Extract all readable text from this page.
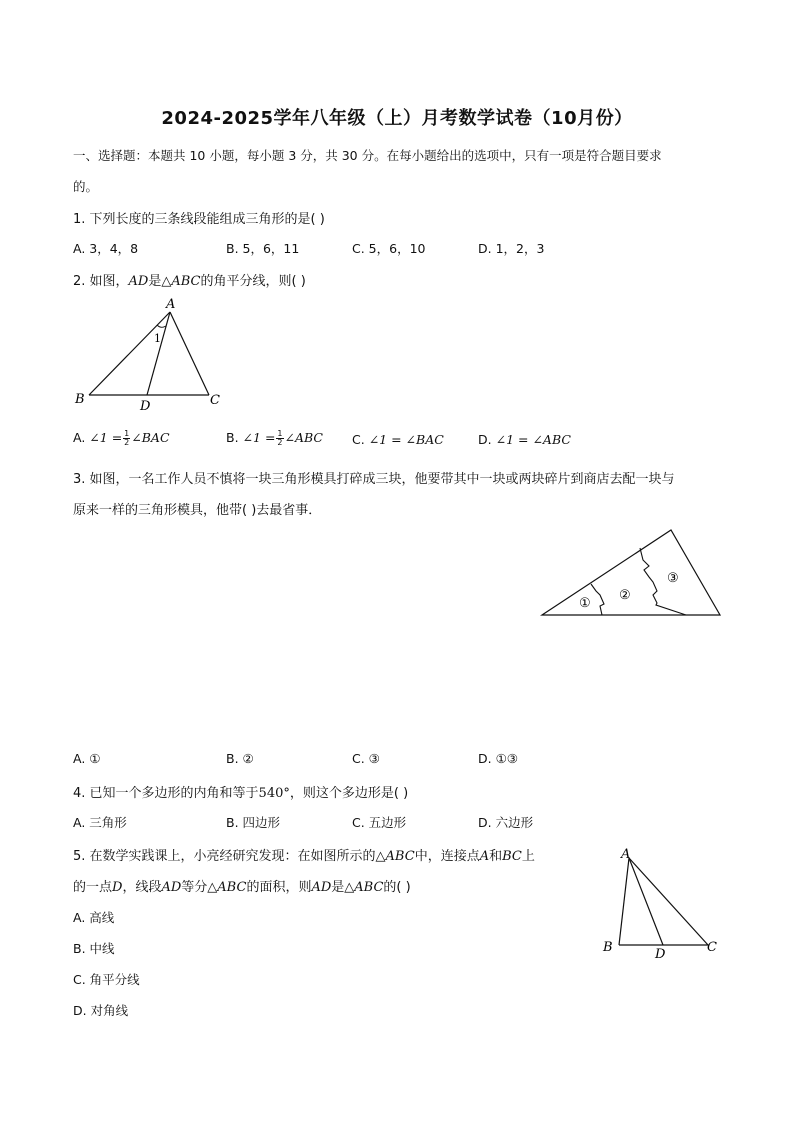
2024-2025学年八年级（上）月考数学试卷（10月份）
一、选择题：本题共 10 小题，每小题 3 分，共 30 分。在每小题给出的选项中，只有一项是符合题目要求
的。
1. 下列长度的三条线段能组成三角形的是( )
A. 3，4，8	B. 5，6，11	C. 5，6，10	D. 1，2，3
2. 如图，AD是△ABC的角平分线，则( )
A
B	C
D
1
A. ∠1 = $\frac{1}{2}$ ∠BAC	B. ∠1 = $\frac{1}{2}$ ∠ABC C. ∠1 = ∠BAC	D. ∠1 = ∠ABC
3. 如图，一名工作人员不慎将一块三角形模具打碎成三块，他要带其中一块或两块碎片到商店去配一块与
原来一样的三角形模具，他带( )去最省事．
①
②
③
A. ①	B. ②	C. ③	D. ①③
4. 已知一个多边形的内角和等于540°，则这个多边形是( )
A. 三角形	B. 四边形	C. 五边形	D. 六边形
5. 在数学实践课上，小亮经研究发现：在如图所示的△ABC中，连接点A和BC上
的一点D，线段AD等分△ABC的面积，则AD是△ABC的( )
A
B	C
D
A. 高线
B. 中线
C. 角平分线
D. 对角线
